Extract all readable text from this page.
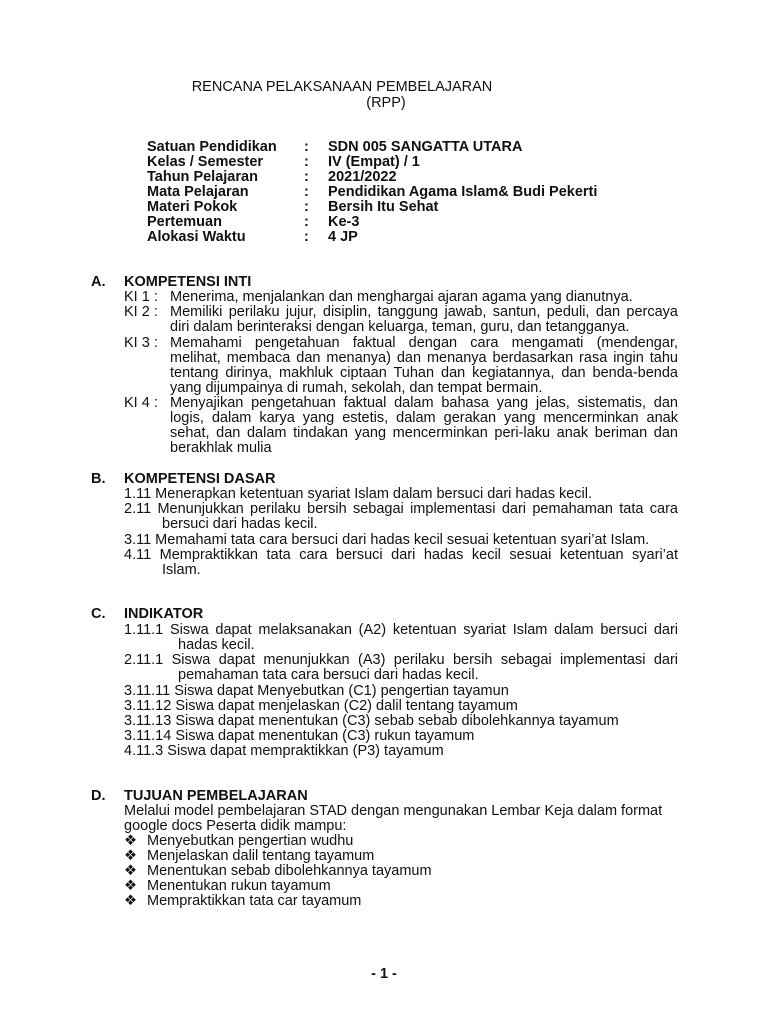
RENCANA PELAKSANAAN PEMBELAJARAN
(RPP)
Satuan Pendidikan : SDN 005 SANGATTA UTARA
Kelas / Semester	: IV (Empat) / 1
Tahun Pelajaran	: 2021/2022
Mata Pelajaran	: Pendidikan Agama Islam& Budi Pekerti
Materi Pokok	: Bersih Itu Sehat
Pertemuan	: Ke-3
Alokasi Waktu	: 4 JP
A. KOMPETENSI INTI
KI 1 : Menerima, menjalankan dan menghargai ajaran agama yang dianutnya.
KI 2 : Memiliki perilaku jujur, disiplin, tanggung jawab, santun, peduli, dan percaya
diri dalam berinteraksi dengan keluarga, teman, guru, dan tetangganya.
KI 3 : Memahami pengetahuan faktual dengan cara mengamati (mendengar,
melihat, membaca dan menanya) dan menanya berdasarkan rasa ingin tahu
tentang dirinya, makhluk ciptaan Tuhan dan kegiatannya, dan benda-benda
yang dijumpainya di rumah, sekolah, dan tempat bermain.
KI 4 : Menyajikan pengetahuan faktual dalam bahasa yang jelas, sistematis, dan
logis, dalam karya yang estetis, dalam gerakan yang mencerminkan anak
sehat, dan dalam tindakan yang mencerminkan peri-laku anak beriman dan
berakhlak mulia
B. KOMPETENSI DASAR
1.11 Menerapkan ketentuan syariat Islam dalam bersuci dari hadas kecil.
2.11 Menunjukkan perilaku bersih sebagai implementasi dari pemahaman tata cara
bersuci dari hadas kecil.
3.11 Memahami tata cara bersuci dari hadas kecil sesuai ketentuan syari’at Islam.
4.11 Mempraktikkan tata cara bersuci dari hadas kecil sesuai ketentuan syari’at
Islam.
C. INDIKATOR
1.11.1 Siswa dapat melaksanakan (A2) ketentuan syariat Islam dalam bersuci dari
hadas kecil.
2.11.1 Siswa dapat menunjukkan (A3) perilaku bersih sebagai implementasi dari
pemahaman tata cara bersuci dari hadas kecil.
3.11.11 Siswa dapat Menyebutkan (C1) pengertian tayamun
3.11.12 Siswa dapat menjelaskan (C2) dalil tentang tayamum
3.11.13 Siswa dapat menentukan (C3) sebab sebab dibolehkannya tayamum
3.11.14 Siswa dapat menentukan (C3) rukun tayamum
4.11.3 Siswa dapat mempraktikkan (P3) tayamum
D. TUJUAN PEMBELAJARAN
Melalui model pembelajaran STAD dengan mengunakan Lembar Keja dalam format
google docs Peserta didik mampu:
❖ Menyebutkan pengertian wudhu
❖ Menjelaskan dalil tentang tayamum
❖ Menentukan sebab dibolehkannya tayamum
❖ Menentukan rukun tayamum
❖ Mempraktikkan tata car tayamum
- 1 -
